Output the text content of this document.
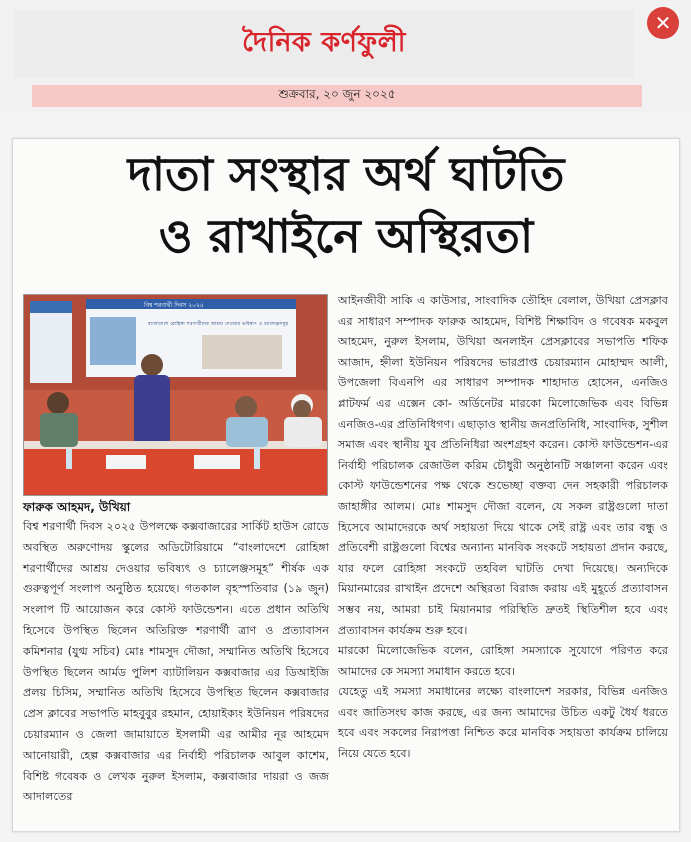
দৈনিক কর্ণফুলী
✕
শুক্রবার, ২০ জুন ২০২৫
দাতা সংস্থার অর্থ ঘাটতি
ও রাখাইনে অস্থিরতা
বিশ্ব শরণার্থী দিবস ২০২৫
বাংলাদেশে রোহিঙ্গা শরণার্থীদের আশ্রয় দেওয়ার ভবিষ্যৎ ও চ্যালেঞ্জসমূহ
ফারুক আহমদ, উখিয়া

বিশ্ব শরণার্থী দিবস ২০২৫ উপলক্ষে কক্সবাজারের সার্কিট হাউস রোডে অবস্থিত অরুণোদয় স্কুলের অডিটোরিয়ামে “বাংলাদেশে রোহিঙ্গা শরণার্থীদের আশ্রয় দেওয়ার ভবিষ্যৎ ও চ্যালেঞ্জসমূহ” শীর্ষক এক গুরুত্বপূর্ণ সংলাপ অনুষ্ঠিত হয়েছে। গতকাল বৃহস্পতিবার (১৯ জুন) সংলাপ টি আয়োজন করে কোস্ট ফাউন্ডেশন। এতে প্রধান অতিথি হিসেবে উপস্থিত ছিলেন অতিরিক্ত শরণার্থী ত্রাণ ও প্রত্যাবাসন কমিশনার (যুগ্ম সচিব) মোঃ শামসুদ দৌজা, সম্মানিত অতিথি হিসেবে উপস্থিত ছিলেন আর্মড পুলিশ ব্যাটালিয়ন কক্সবাজার এর ডিআইজি প্রলয় চিসিম, সম্মানিত অতিথি হিসেবে উপস্থিত ছিলেন কক্সবাজার প্রেস ক্লাবের সভাপতি মাহবুবুর রহমান, হোয়াইক্যং ইউনিয়ন পরিষদের চেয়ারম্যান ও জেলা জামায়াতে ইসলামী এর আমীর নূর আহমেদ আনোয়ারী, হেল্প কক্সবাজার এর নির্বাহী পরিচালক আবুল কাশেম, বিশিষ্ট গবেষক ও লেখক নুরুল ইসলাম, কক্সবাজার দায়রা ও জজ আদালতের

আইনজীবী সাকি এ কাউসার, সাংবাদিক তৌহিদ বেলাল, উখিয়া প্রেসক্লাব এর সাধারণ সম্পাদক ফারুক আহমেদ, বিশিষ্ট শিক্ষাবিদ ও গবেষক মকবুল আহমেদ, নুরুল ইসলাম, উখিয়া অনলাইন প্রেসক্লাবের সভাপতি শফিক আজাদ, হ্নীলা ইউনিয়ন পরিষদের ভারপ্রাপ্ত চেয়ারম্যান মোহাম্মদ আলী, উপজেলা বিএনপি এর সাধারণ সম্পাদক শাহাদাত হোসেন, এনজিও প্লাটফর্ম এর এক্সেন কো- অর্ডিনেটর মারকো মিলোজেভিক এবং বিভিন্ন এনজিও-এর প্রতিনিধিগণ। এছাড়াও স্থানীয় জনপ্রতিনিধি, সাংবাদিক, সুশীল সমাজ এবং স্থানীয় যুব প্রতিনিধিরা অংশগ্রহণ করেন। কোস্ট ফাউন্ডেশন-এর নির্বাহী পরিচালক রেজাউল করিম চৌধুরী অনুষ্ঠানটি সঞ্চালনা করেন এবং কোস্ট ফাউন্ডেশনের পক্ষ থেকে শুভেচ্ছা বক্তব্য দেন সহকারী পরিচালক জাহাঙ্গীর আলম। মোঃ শামসুদ দৌজা বলেন, যে সকল রাষ্ট্রগুলো দাতা হিসেবে আমাদেরকে অর্থ সহায়তা দিয়ে থাকে সেই রাষ্ট্র এবং তার বন্ধু ও প্রতিবেশী রাষ্ট্রগুলো বিশ্বের অন্যান্য মানবিক সংকটে সহায়তা প্রদান করছে, যার ফলে রোহিঙ্গা সংকটে তহবিল ঘাটতি দেখা দিয়েছে। অন্যদিকে মিয়ানমারের রাখাইন প্রদেশে অস্থিরতা বিরাজ করায় এই মুহূর্তে প্রত্যাবাসন সম্ভব নয়, আমরা চাই মিয়ানমার পরিস্থিতি দ্রুতই স্থিতিশীল হবে এবং প্রত্যাবাসন কার্যক্রম শুরু হবে।

মারকো মিলোজেভিক বলেন, রোহিঙ্গা সমস্যাকে সুযোগে পরিণত করে আমাদের কে সমস্যা সমাধান করতে হবে।

যেহেতু এই সমস্যা সমাধানের লক্ষ্যে বাংলাদেশ সরকার, বিভিন্ন এনজিও এবং জাতিসংঘ কাজ করছে, এর জন্য আমাদের উচিত একটু ধৈর্য ধরতে হবে এবং সকলের নিরাপত্তা নিশ্চিত করে মানবিক সহায়তা কার্যক্রম চালিয়ে নিয়ে যেতে হবে।
